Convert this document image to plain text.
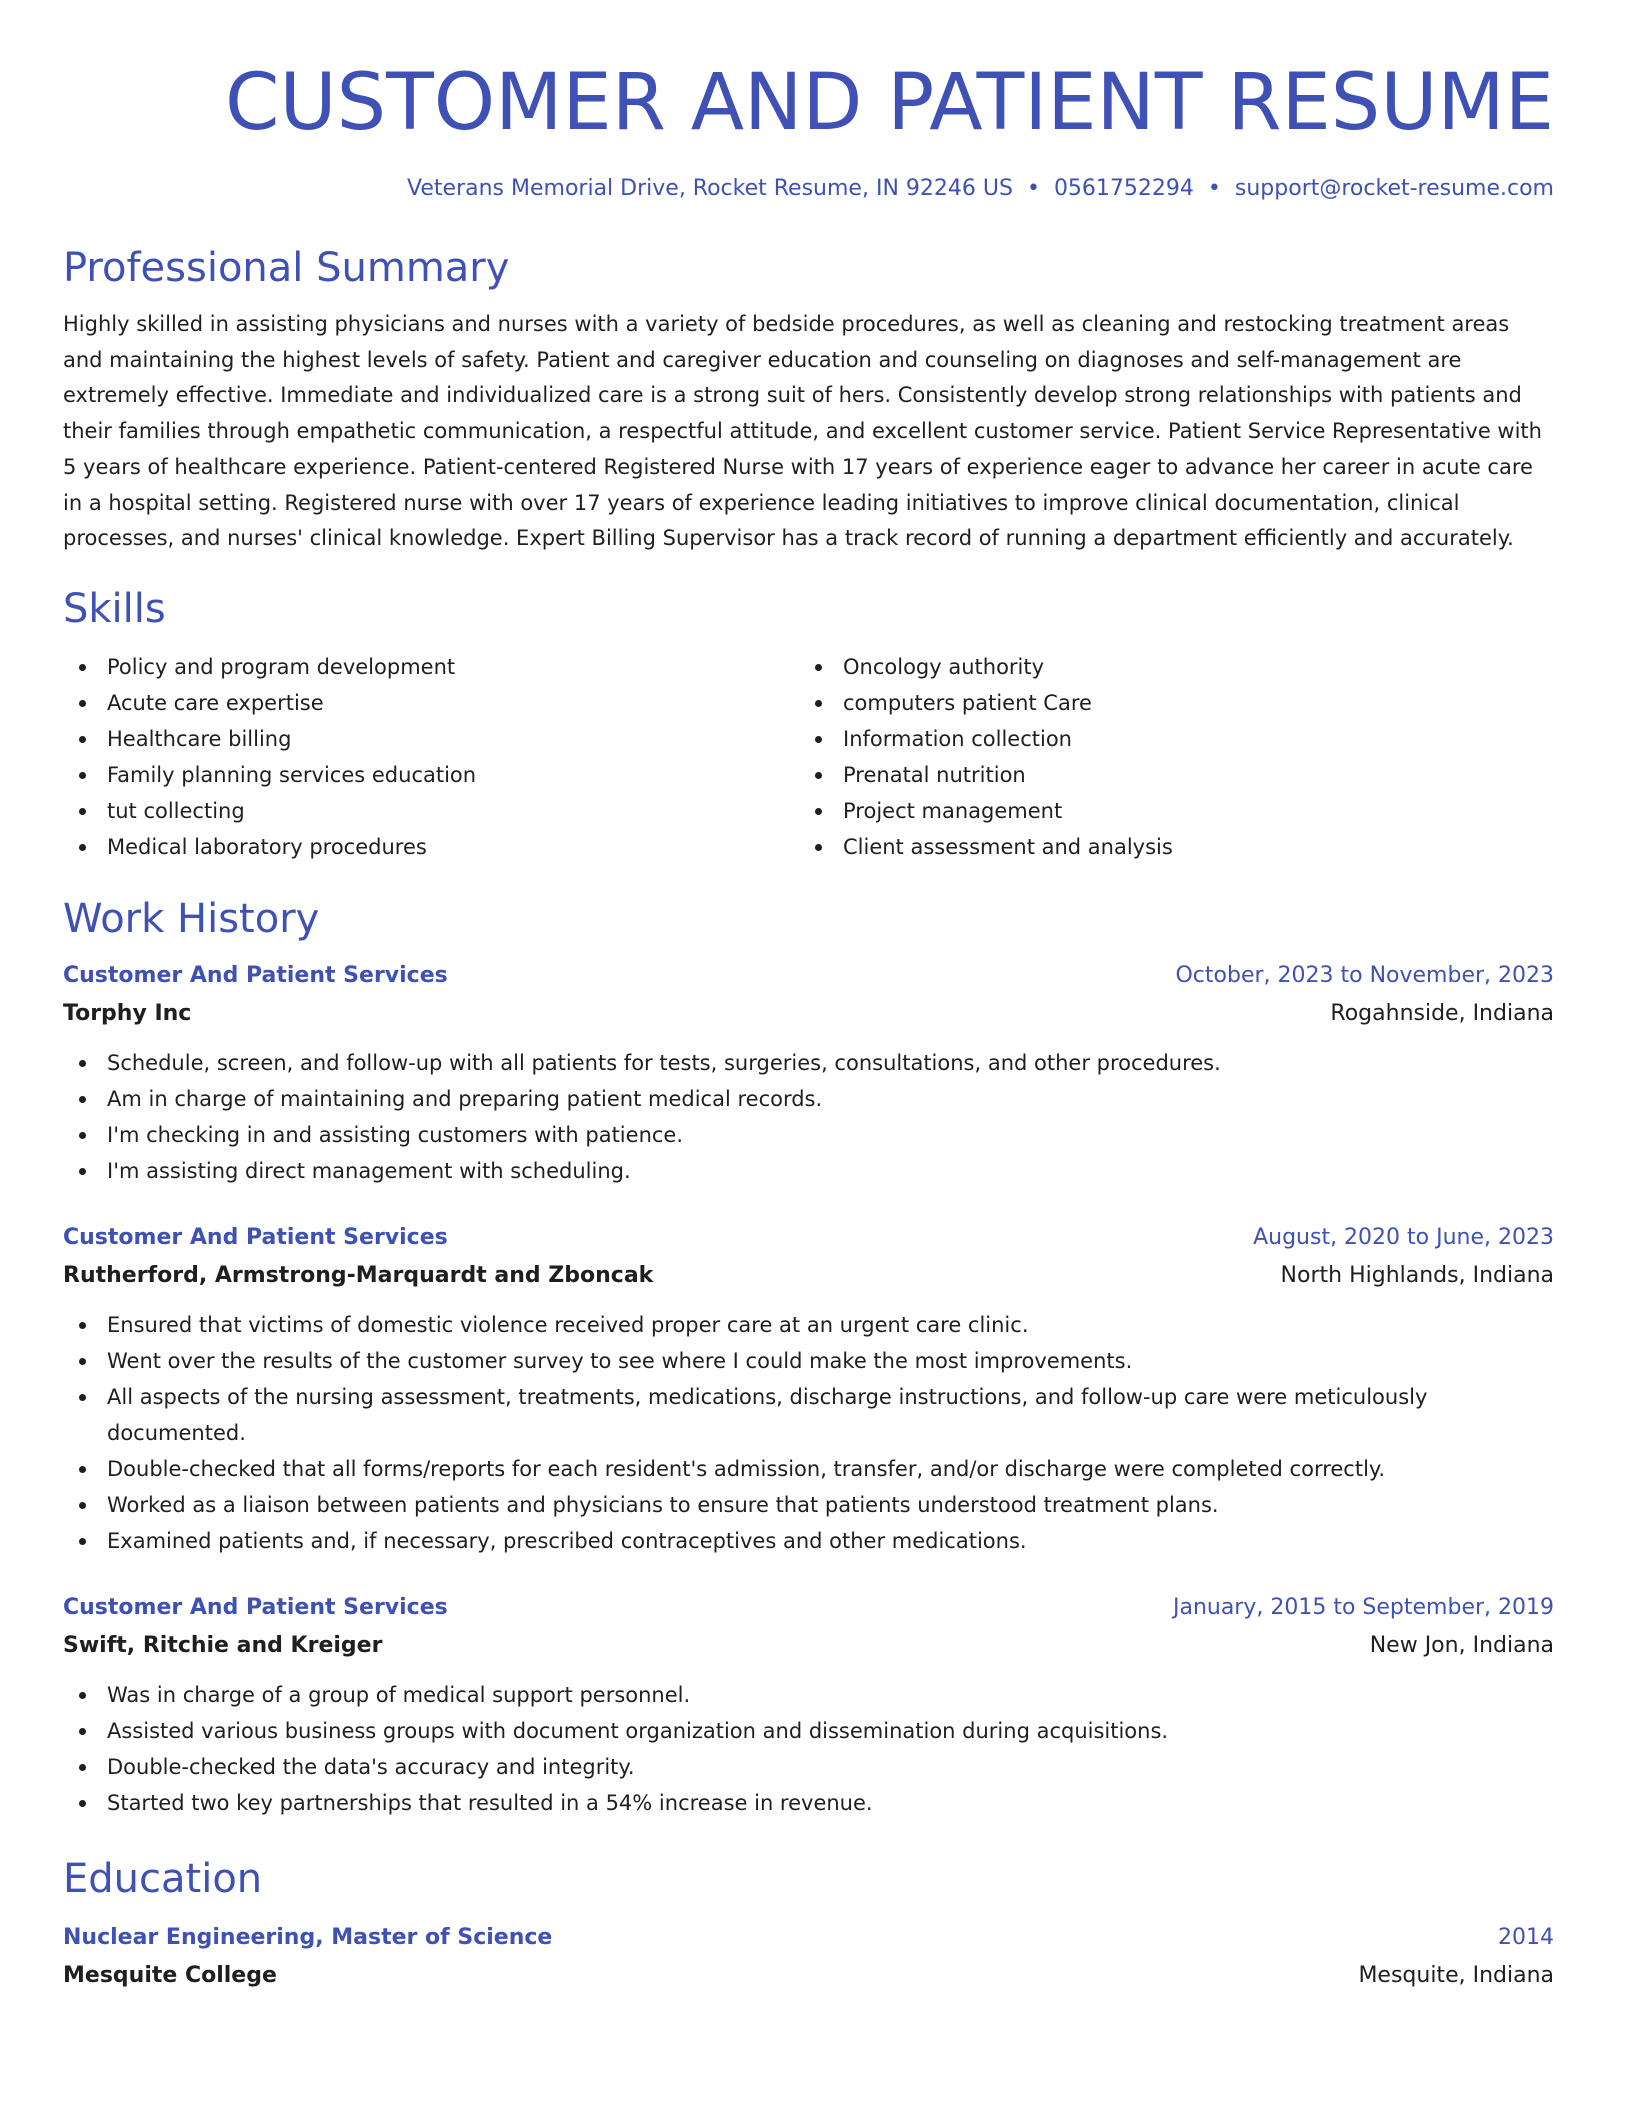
CUSTOMER AND PATIENT RESUME
Veterans Memorial Drive, Rocket Resume, IN 92246 US • 0561752294 • support@rocket-resume.com
Professional Summary
Highly skilled in assisting physicians and nurses with a variety of bedside procedures, as well as cleaning and restocking treatment areas and maintaining the highest levels of safety. Patient and caregiver education and counseling on diagnoses and self-management are extremely effective. Immediate and individualized care is a strong suit of hers. Consistently develop strong relationships with patients and their families through empathetic communication, a respectful attitude, and excellent customer service. Patient Service Representative with 5 years of healthcare experience. Patient-centered Registered Nurse with 17 years of experience eager to advance her career in acute care in a hospital setting. Registered nurse with over 17 years of experience leading initiatives to improve clinical documentation, clinical processes, and nurses' clinical knowledge. Expert Billing Supervisor has a track record of running a department efficiently and accurately.
Skills
Policy and program development
Acute care expertise
Healthcare billing
Family planning services education
tut collecting
Medical laboratory procedures
Oncology authority
computers patient Care
Information collection
Prenatal nutrition
Project management
Client assessment and analysis
Work History
Customer And Patient Services	October, 2023 to November, 2023
Torphy Inc	Rogahnside, Indiana
Schedule, screen, and follow-up with all patients for tests, surgeries, consultations, and other procedures.
Am in charge of maintaining and preparing patient medical records.
I'm checking in and assisting customers with patience.
I'm assisting direct management with scheduling.
Customer And Patient Services	August, 2020 to June, 2023
Rutherford, Armstrong-Marquardt and Zboncak	North Highlands, Indiana
Ensured that victims of domestic violence received proper care at an urgent care clinic.
Went over the results of the customer survey to see where I could make the most improvements.
All aspects of the nursing assessment, treatments, medications, discharge instructions, and follow-up care were meticulously documented.
Double-checked that all forms/reports for each resident's admission, transfer, and/or discharge were completed correctly.
Worked as a liaison between patients and physicians to ensure that patients understood treatment plans.
Examined patients and, if necessary, prescribed contraceptives and other medications.
Customer And Patient Services	January, 2015 to September, 2019
Swift, Ritchie and Kreiger	New Jon, Indiana
Was in charge of a group of medical support personnel.
Assisted various business groups with document organization and dissemination during acquisitions.
Double-checked the data's accuracy and integrity.
Started two key partnerships that resulted in a 54% increase in revenue.
Education
Nuclear Engineering, Master of Science	2014
Mesquite College	Mesquite, Indiana
